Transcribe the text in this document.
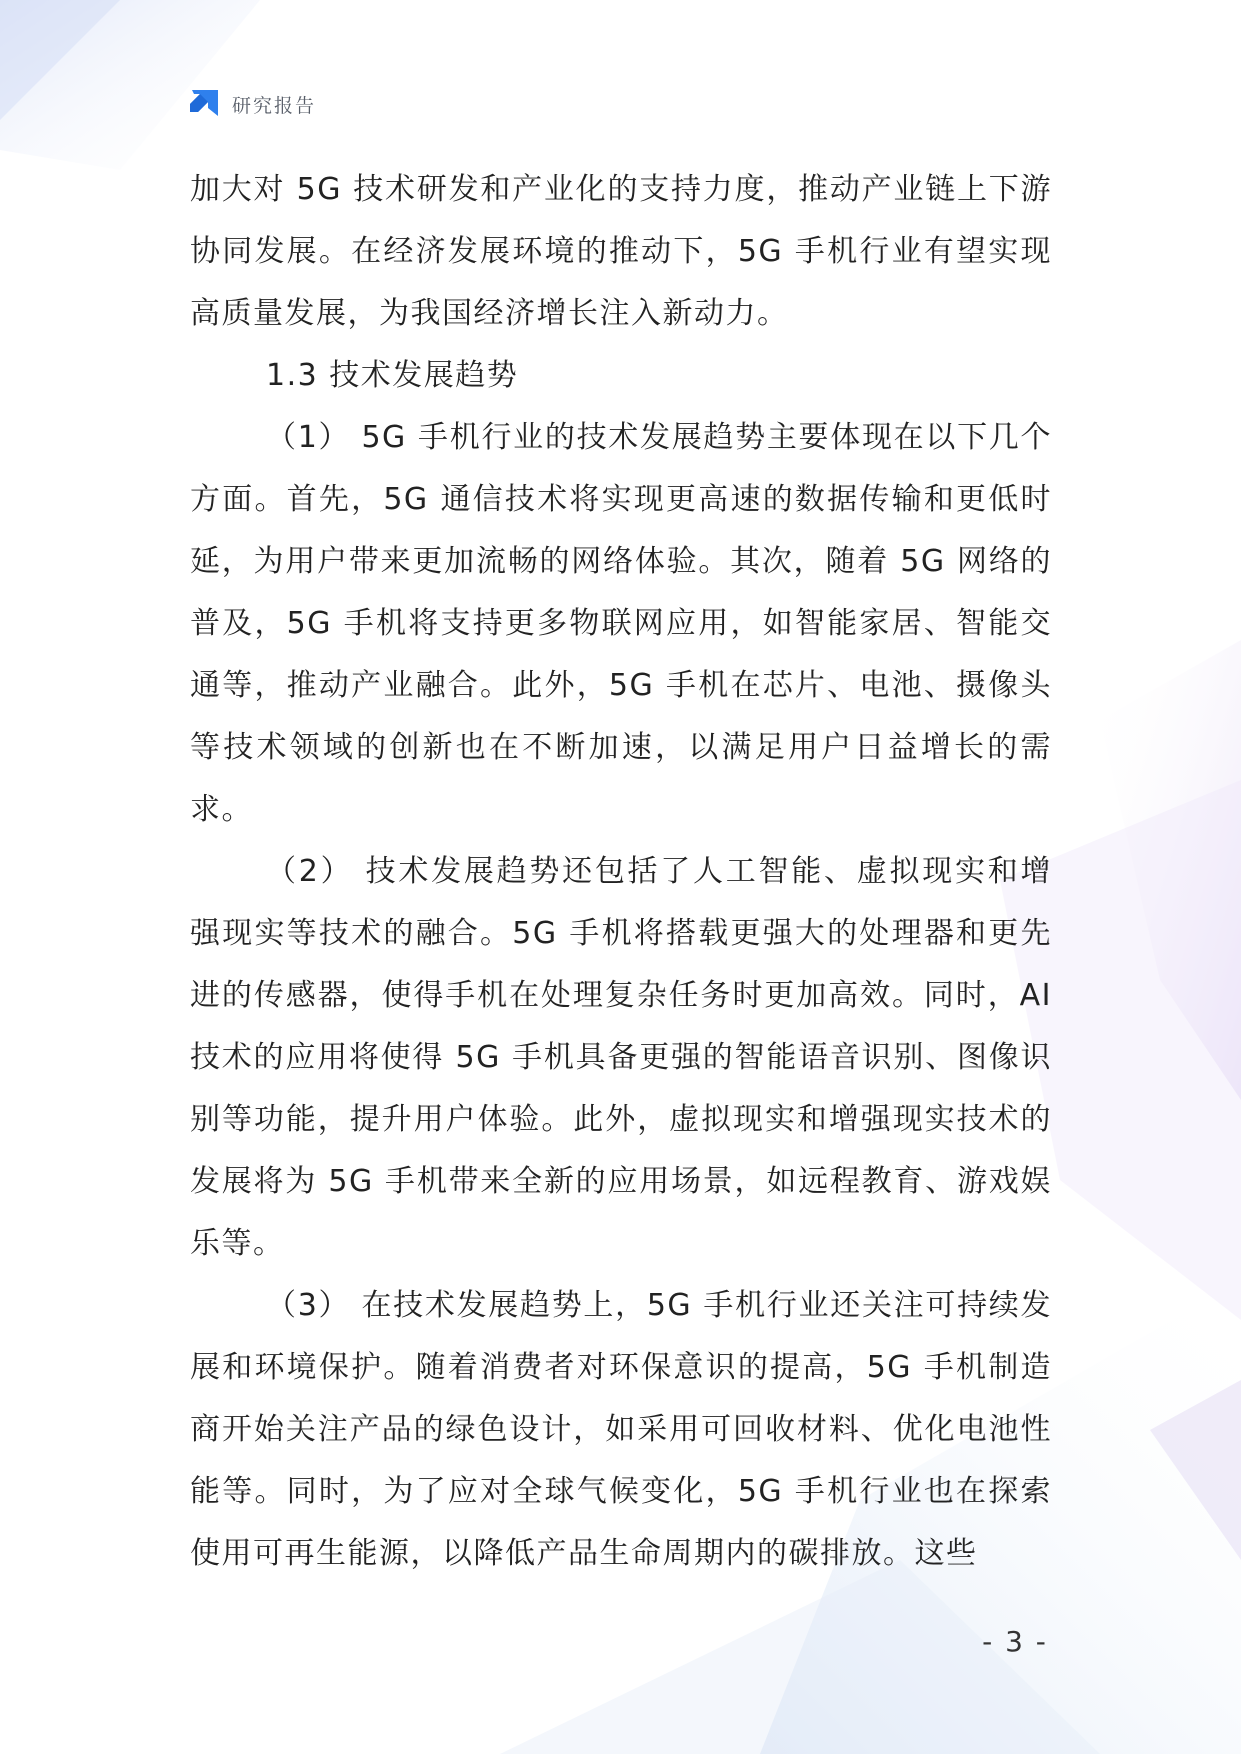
研究报告

加大对 5G 技术研发和产业化的支持力度，推动产业链上下游协同发展。在经济发展环境的推动下，5G 手机行业有望实现高质量发展，为我国经济增长注入新动力。

1.3 技术发展趋势

（1） 5G 手机行业的技术发展趋势主要体现在以下几个方面。首先，5G 通信技术将实现更高速的数据传输和更低时延，为用户带来更加流畅的网络体验。其次，随着 5G 网络的普及，5G 手机将支持更多物联网应用，如智能家居、智能交通等，推动产业融合。此外，5G 手机在芯片、电池、摄像头等技术领域的创新也在不断加速，以满足用户日益增长的需求。

（2） 技术发展趋势还包括了人工智能、虚拟现实和增强现实等技术的融合。5G 手机将搭载更强大的处理器和更先进的传感器，使得手机在处理复杂任务时更加高效。同时，AI 技术的应用将使得 5G 手机具备更强的智能语音识别、图像识别等功能，提升用户体验。此外，虚拟现实和增强现实技术的发展将为 5G 手机带来全新的应用场景，如远程教育、游戏娱乐等。

（3） 在技术发展趋势上，5G 手机行业还关注可持续发展和环境保护。随着消费者对环保意识的提高，5G 手机制造商开始关注产品的绿色设计，如采用可回收材料、优化电池性能等。同时，为了应对全球气候变化，5G 手机行业也在探索使用可再生能源，以降低产品生命周期内的碳排放。这些

- 3 -
